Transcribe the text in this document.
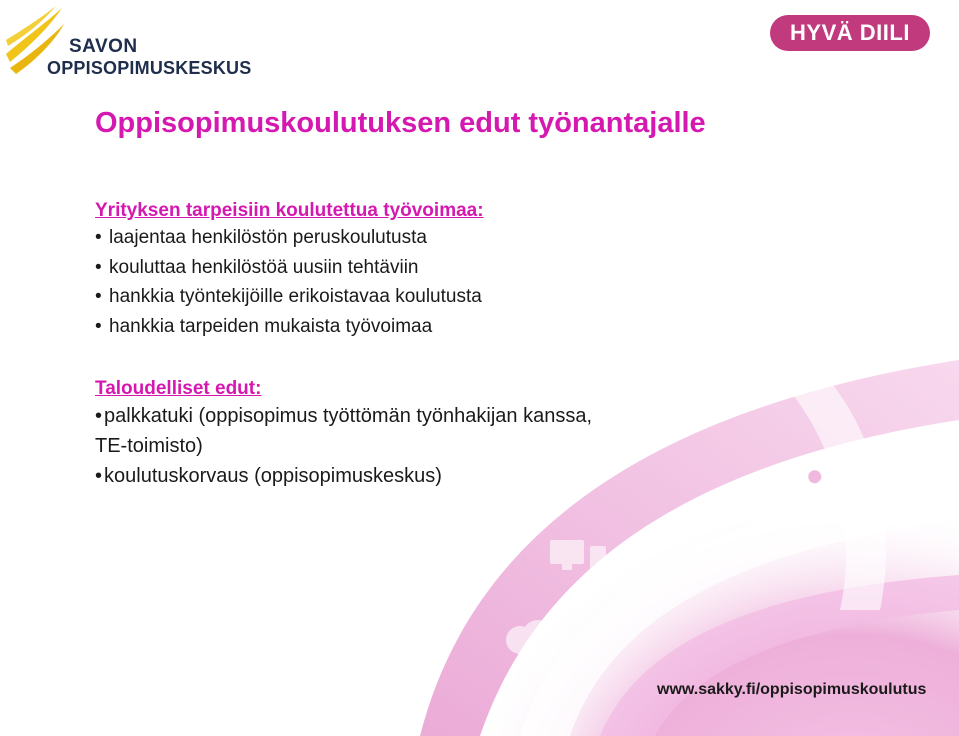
SAVON
OPPISOPIMUSKESKUS
HYVÄ DIILI
Oppisopimuskoulutuksen edut työnantajalle
Yrityksen tarpeisiin koulutettua työvoimaa:
• laajentaa henkilöstön peruskoulutusta
• kouluttaa henkilöstöä uusiin tehtäviin
• hankkia työntekijöille erikoistavaa koulutusta
• hankkia tarpeiden mukaista työvoimaa
Taloudelliset edut:
•palkkatuki (oppisopimus työttömän työnhakijan kanssa,
TE-toimisto)
•koulutuskorvaus (oppisopimuskeskus)
www.sakky.fi/oppisopimuskoulutus
